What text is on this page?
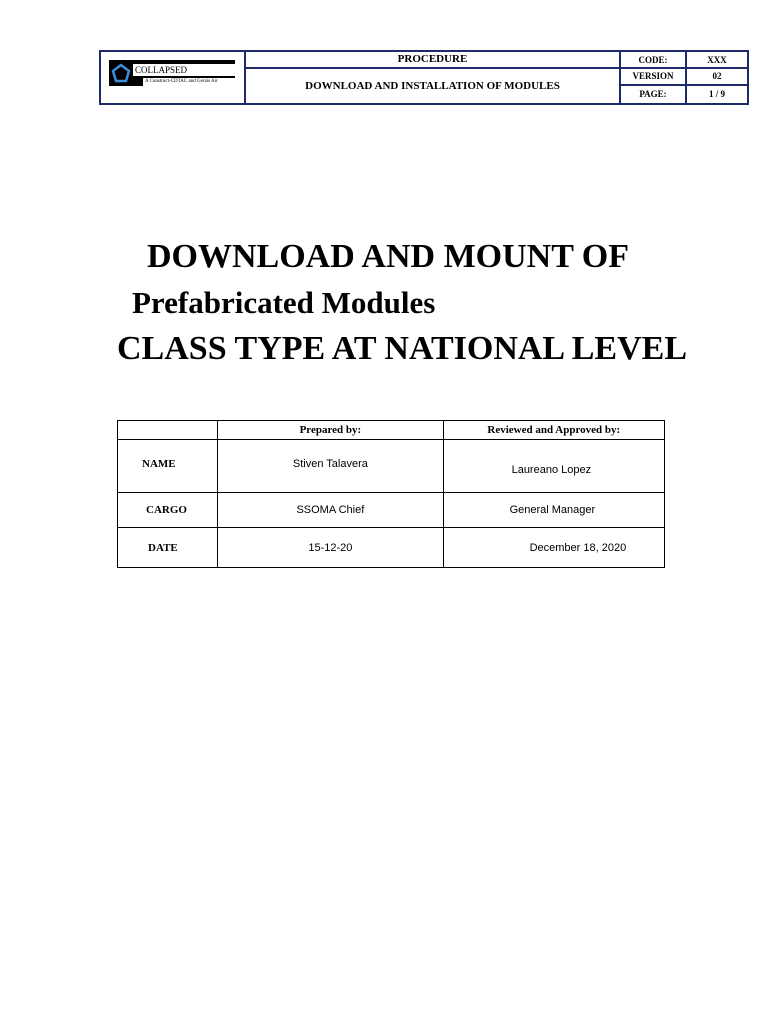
COLLAPSED
A Construct-CDTAC and Gerais Air
PROCEDURE
DOWNLOAD AND INSTALLATION OF MODULES
CODE:	XXX
VERSION	02
PAGE:	1 / 9
DOWNLOAD AND MOUNT OF
Prefabricated Modules
CLASS TYPE AT NATIONAL LEVEL
	Prepared by:	Reviewed and Approved by:
NAME	Stiven Talavera	Laureano Lopez
CARGO	SSOMA Chief	General Manager
DATE	15-12-20	December 18, 2020
